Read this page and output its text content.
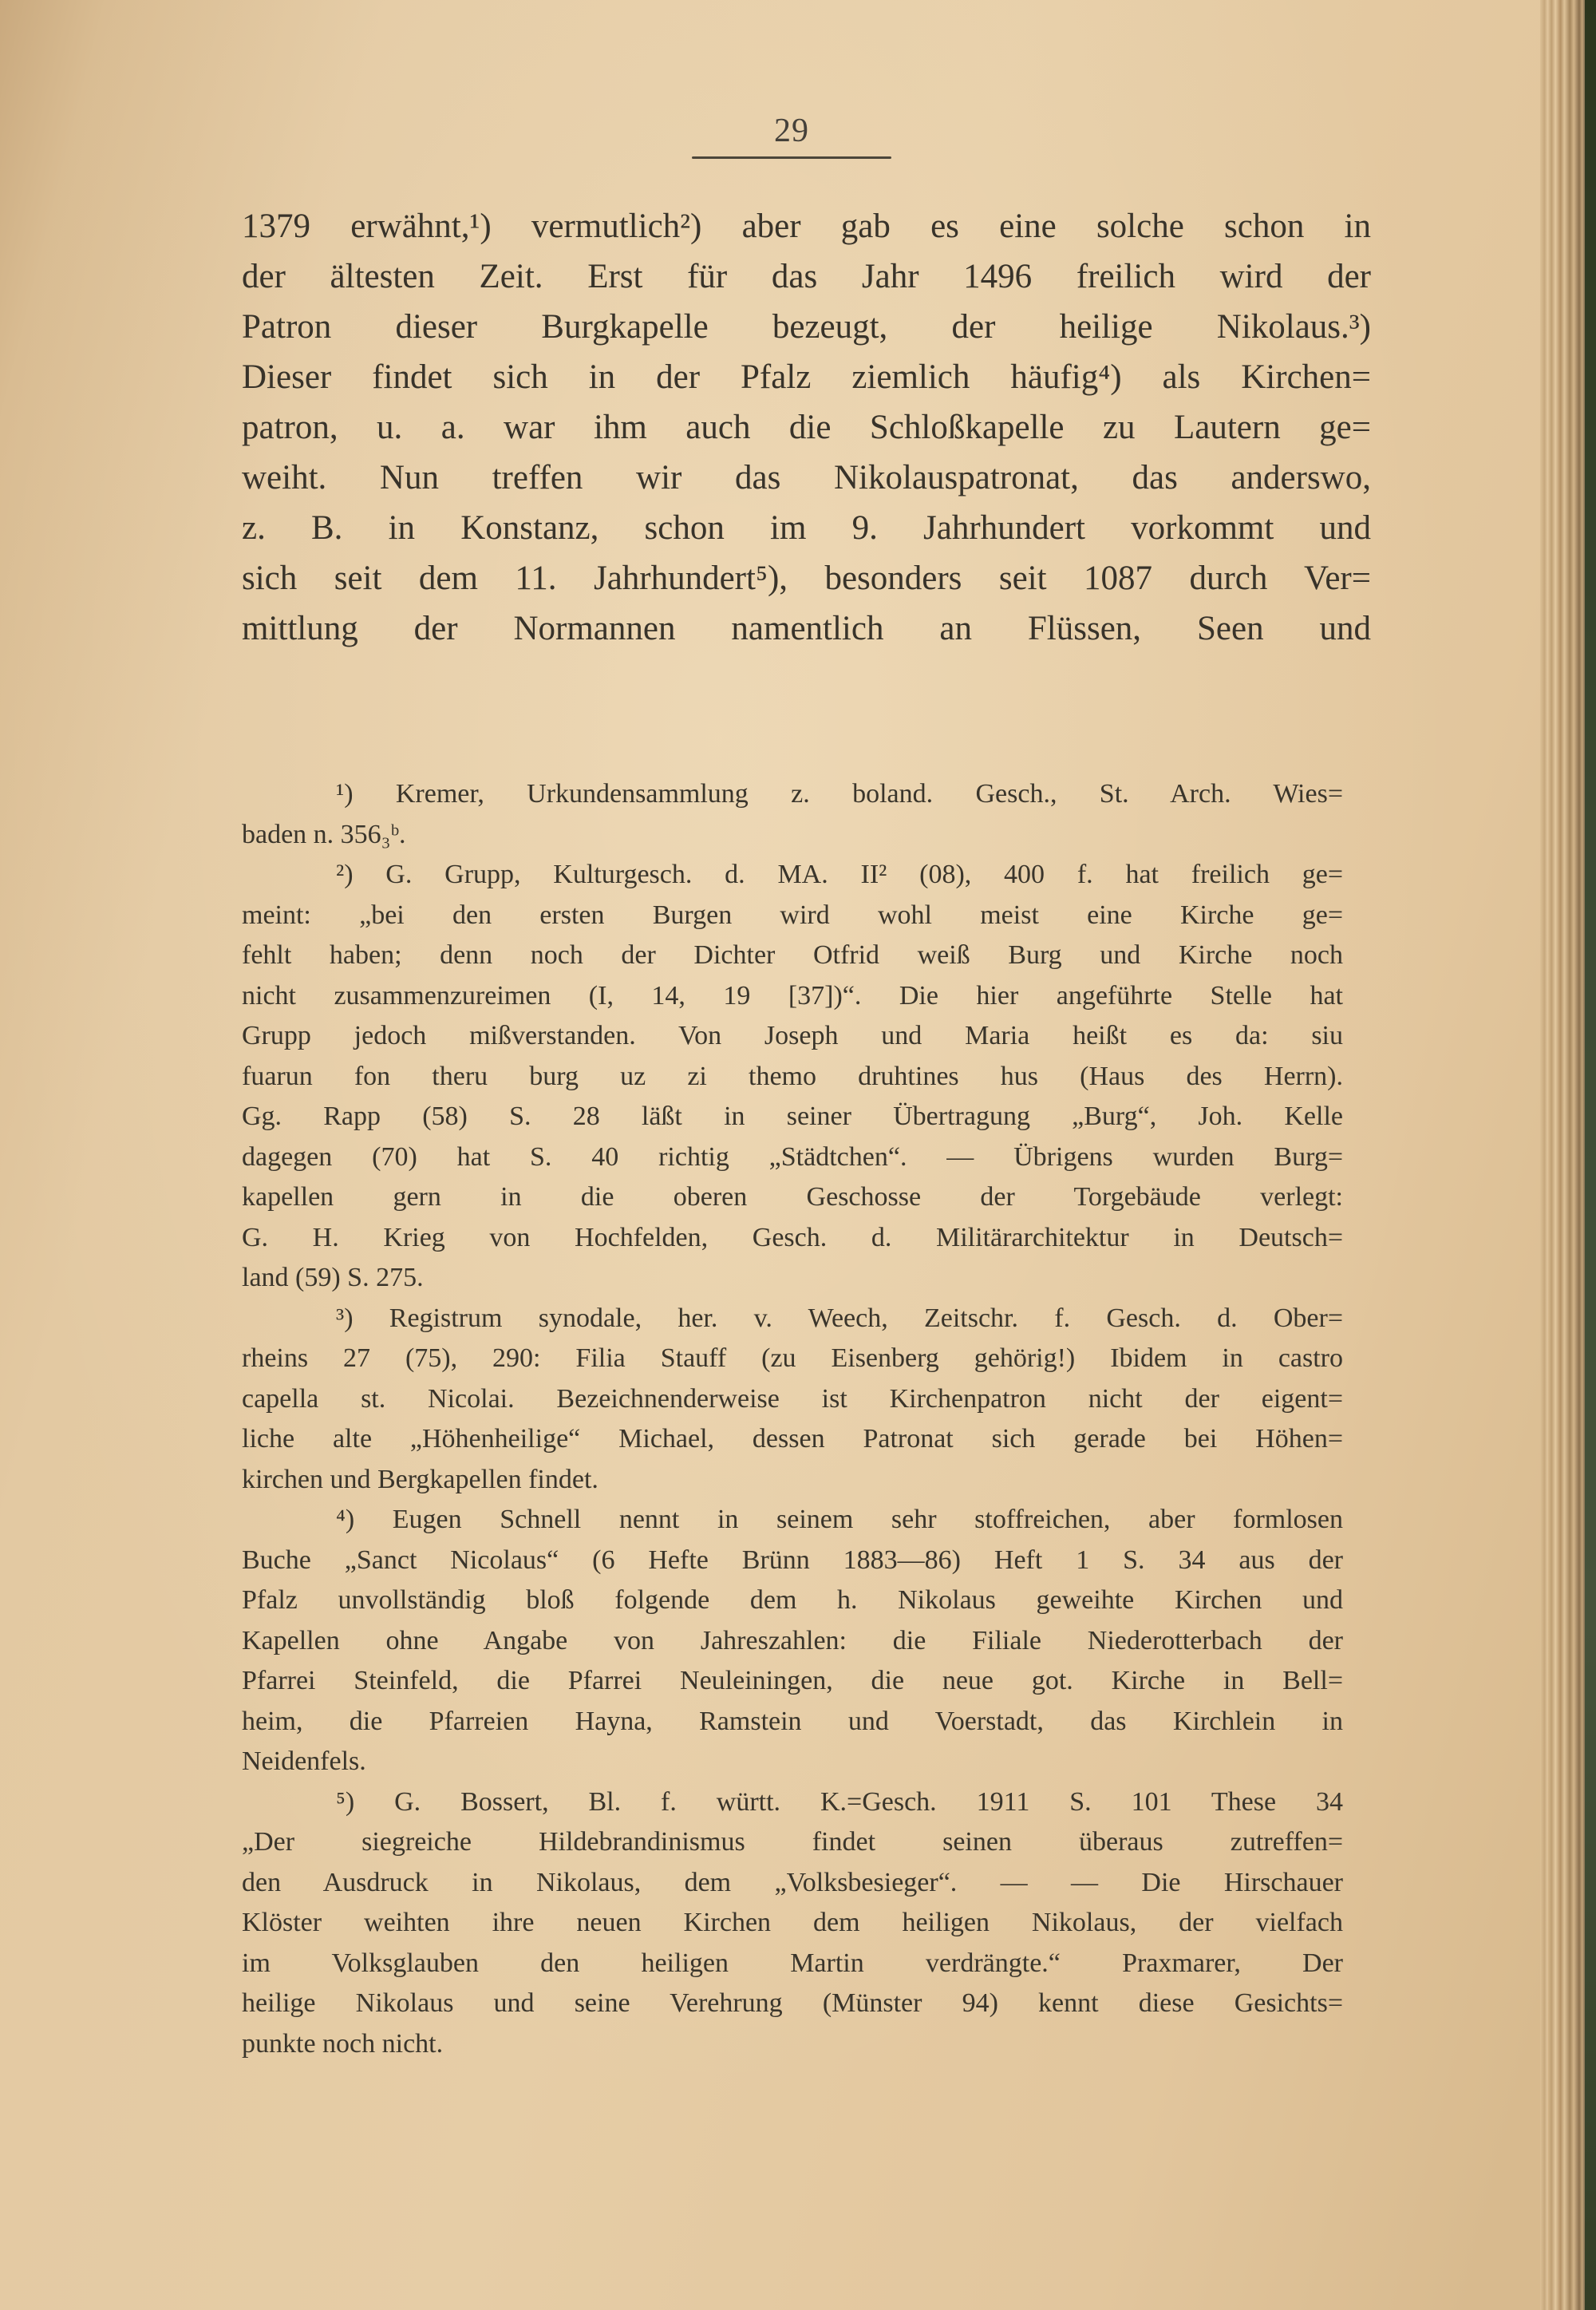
29
1379 erwähnt,¹) vermutlich²) aber gab es eine solche schon in
der ältesten Zeit. Erst für das Jahr 1496 freilich wird der
Patron dieser Burgkapelle bezeugt, der heilige Nikolaus.³)
Dieser findet sich in der Pfalz ziemlich häufig⁴) als Kirchen=
patron, u. a. war ihm auch die Schloßkapelle zu Lautern ge=
weiht. Nun treffen wir das Nikolauspatronat, das anderswo,
z. B. in Konstanz, schon im 9. Jahrhundert vorkommt und
sich seit dem 11. Jahrhundert⁵), besonders seit 1087 durch Ver=
mittlung der Normannen namentlich an Flüssen, Seen und
¹) Kremer, Urkundensammlung z. boland. Gesch., St. Arch. Wies=
baden n. 356₃ᵇ.
²) G. Grupp, Kulturgesch. d. MA. II² (08), 400 f. hat freilich ge=
meint: „bei den ersten Burgen wird wohl meist eine Kirche ge=
fehlt haben; denn noch der Dichter Otfrid weiß Burg und Kirche noch
nicht zusammenzureimen (I, 14, 19 [37])“. Die hier angeführte Stelle hat
Grupp jedoch mißverstanden. Von Joseph und Maria heißt es da: siu
fuarun fon theru burg uz zi themo druhtines hus (Haus des Herrn).
Gg. Rapp (58) S. 28 läßt in seiner Übertragung „Burg“, Joh. Kelle
dagegen (70) hat S. 40 richtig „Städtchen“. — Übrigens wurden Burg=
kapellen gern in die oberen Geschosse der Torgebäude verlegt:
G. H. Krieg von Hochfelden, Gesch. d. Militärarchitektur in Deutsch=
land (59) S. 275.
³) Registrum synodale, her. v. Weech, Zeitschr. f. Gesch. d. Ober=
rheins 27 (75), 290: Filia Stauff (zu Eisenberg gehörig!) Ibidem in castro
capella st. Nicolai. Bezeichnenderweise ist Kirchenpatron nicht der eigent=
liche alte „Höhenheilige“ Michael, dessen Patronat sich gerade bei Höhen=
kirchen und Bergkapellen findet.
⁴) Eugen Schnell nennt in seinem sehr stoffreichen, aber formlosen
Buche „Sanct Nicolaus“ (6 Hefte Brünn 1883—86) Heft 1 S. 34 aus der
Pfalz unvollständig bloß folgende dem h. Nikolaus geweihte Kirchen und
Kapellen ohne Angabe von Jahreszahlen: die Filiale Niederotterbach der
Pfarrei Steinfeld, die Pfarrei Neuleiningen, die neue got. Kirche in Bell=
heim, die Pfarreien Hayna, Ramstein und Voerstadt, das Kirchlein in
Neidenfels.
⁵) G. Bossert, Bl. f. württ. K.=Gesch. 1911 S. 101 These 34
„Der siegreiche Hildebrandinismus findet seinen überaus zutreffen=
den Ausdruck in Nikolaus, dem „Volksbesieger“. — — Die Hirschauer
Klöster weihten ihre neuen Kirchen dem heiligen Nikolaus, der vielfach
im Volksglauben den heiligen Martin verdrängte.“ Praxmarer, Der
heilige Nikolaus und seine Verehrung (Münster 94) kennt diese Gesichts=
punkte noch nicht.
